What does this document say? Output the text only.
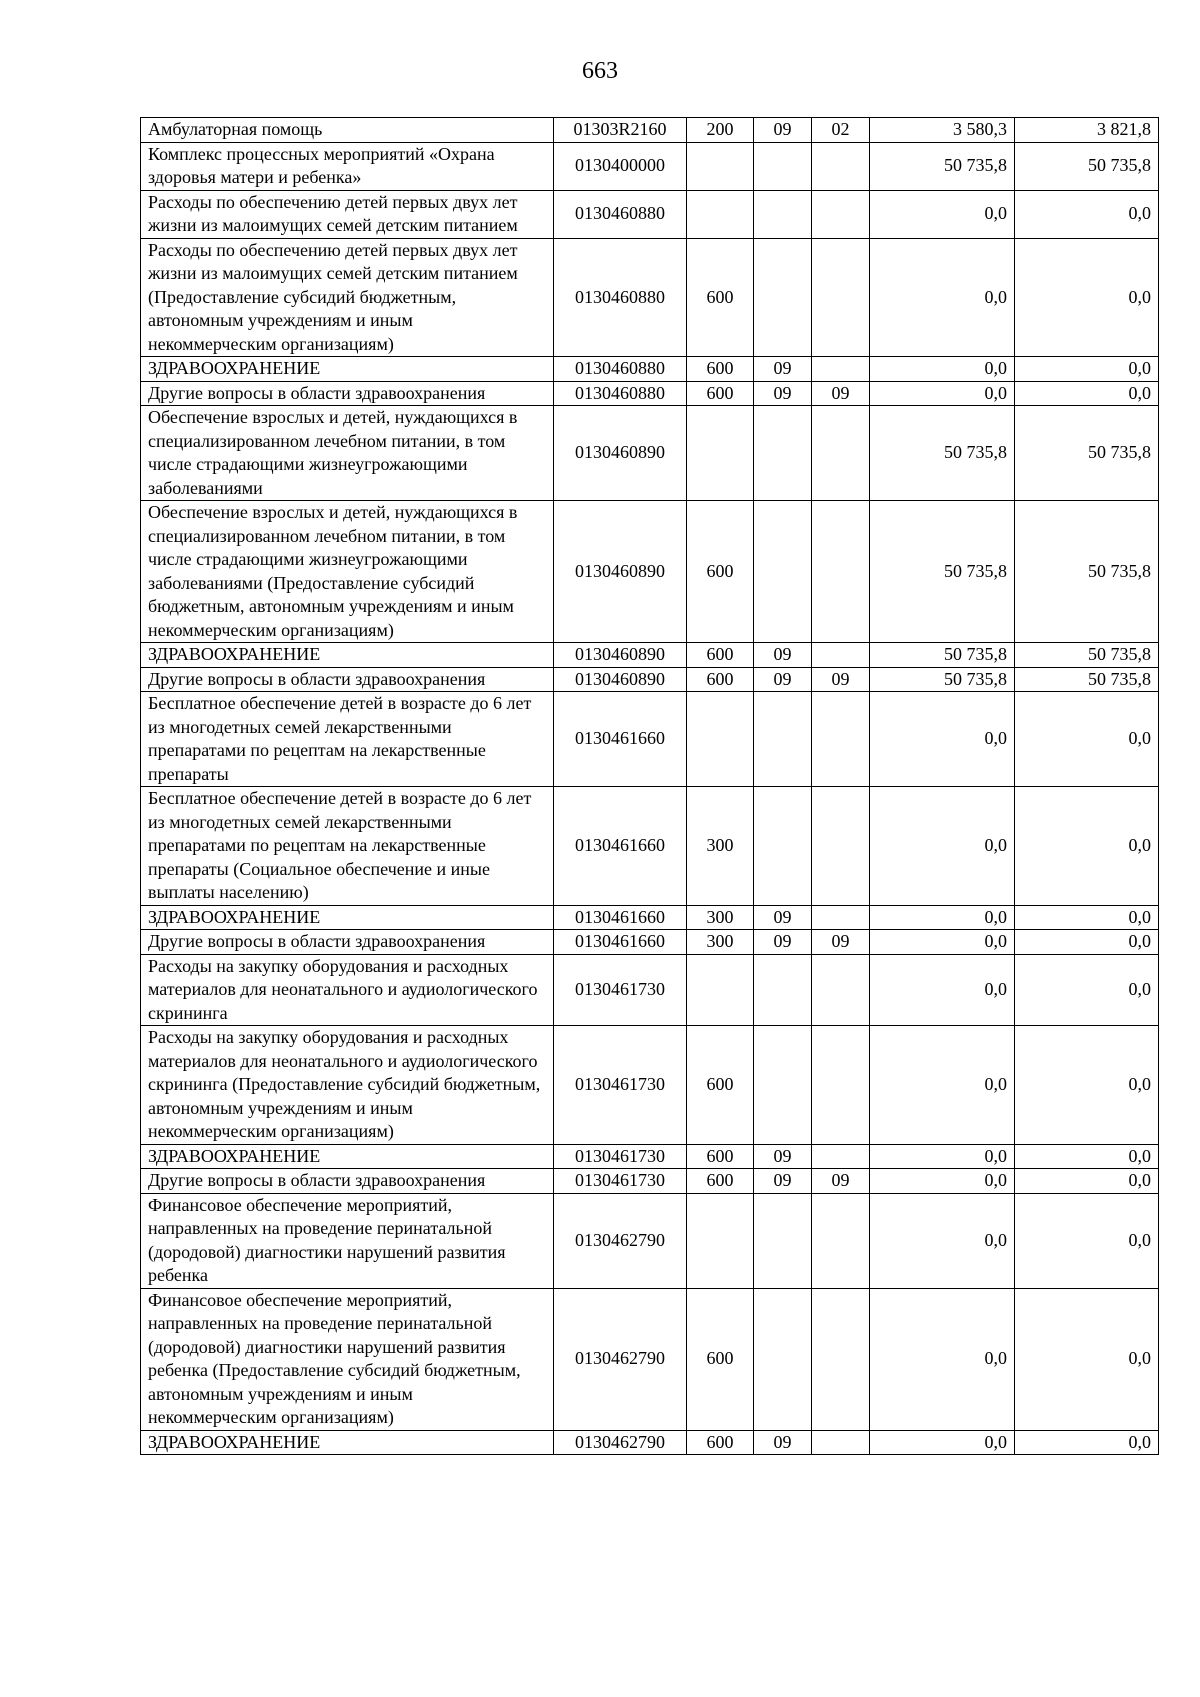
663
Амбулаторная помощь	01303R2160	200	09	02	3 580,3	3 821,8
Комплекс процессных мероприятий «Охрана здоровья матери и ребенка»	0130400000				50 735,8	50 735,8
Расходы по обеспечению детей первых двух лет жизни из малоимущих семей детским питанием	0130460880				0,0	0,0
Расходы по обеспечению детей первых двух лет жизни из малоимущих семей детским питанием (Предоставление субсидий бюджетным, автономным учреждениям и иным некоммерческим организациям)	0130460880	600			0,0	0,0
ЗДРАВООХРАНЕНИЕ	0130460880	600	09		0,0	0,0
Другие вопросы в области здравоохранения	0130460880	600	09	09	0,0	0,0
Обеспечение взрослых и детей, нуждающихся в специализированном лечебном питании, в том числе страдающими жизнеугрожающими заболеваниями	0130460890				50 735,8	50 735,8
Обеспечение взрослых и детей, нуждающихся в специализированном лечебном питании, в том числе страдающими жизнеугрожающими заболеваниями (Предоставление субсидий бюджетным, автономным учреждениям и иным некоммерческим организациям)	0130460890	600			50 735,8	50 735,8
ЗДРАВООХРАНЕНИЕ	0130460890	600	09		50 735,8	50 735,8
Другие вопросы в области здравоохранения	0130460890	600	09	09	50 735,8	50 735,8
Бесплатное обеспечение детей в возрасте до 6 лет из многодетных семей лекарственными препаратами по рецептам на лекарственные препараты	0130461660				0,0	0,0
Бесплатное обеспечение детей в возрасте до 6 лет из многодетных семей лекарственными препаратами по рецептам на лекарственные препараты (Социальное обеспечение и иные выплаты населению)	0130461660	300			0,0	0,0
ЗДРАВООХРАНЕНИЕ	0130461660	300	09		0,0	0,0
Другие вопросы в области здравоохранения	0130461660	300	09	09	0,0	0,0
Расходы на закупку оборудования и расходных материалов для неонатального и аудиологического скрининга	0130461730				0,0	0,0
Расходы на закупку оборудования и расходных материалов для неонатального и аудиологического скрининга (Предоставление субсидий бюджетным, автономным учреждениям и иным некоммерческим организациям)	0130461730	600			0,0	0,0
ЗДРАВООХРАНЕНИЕ	0130461730	600	09		0,0	0,0
Другие вопросы в области здравоохранения	0130461730	600	09	09	0,0	0,0
Финансовое обеспечение мероприятий, направленных на проведение перинатальной (дородовой) диагностики нарушений развития ребенка	0130462790				0,0	0,0
Финансовое обеспечение мероприятий, направленных на проведение перинатальной (дородовой) диагностики нарушений развития ребенка (Предоставление субсидий бюджетным, автономным учреждениям и иным некоммерческим организациям)	0130462790	600			0,0	0,0
ЗДРАВООХРАНЕНИЕ	0130462790	600	09		0,0	0,0
